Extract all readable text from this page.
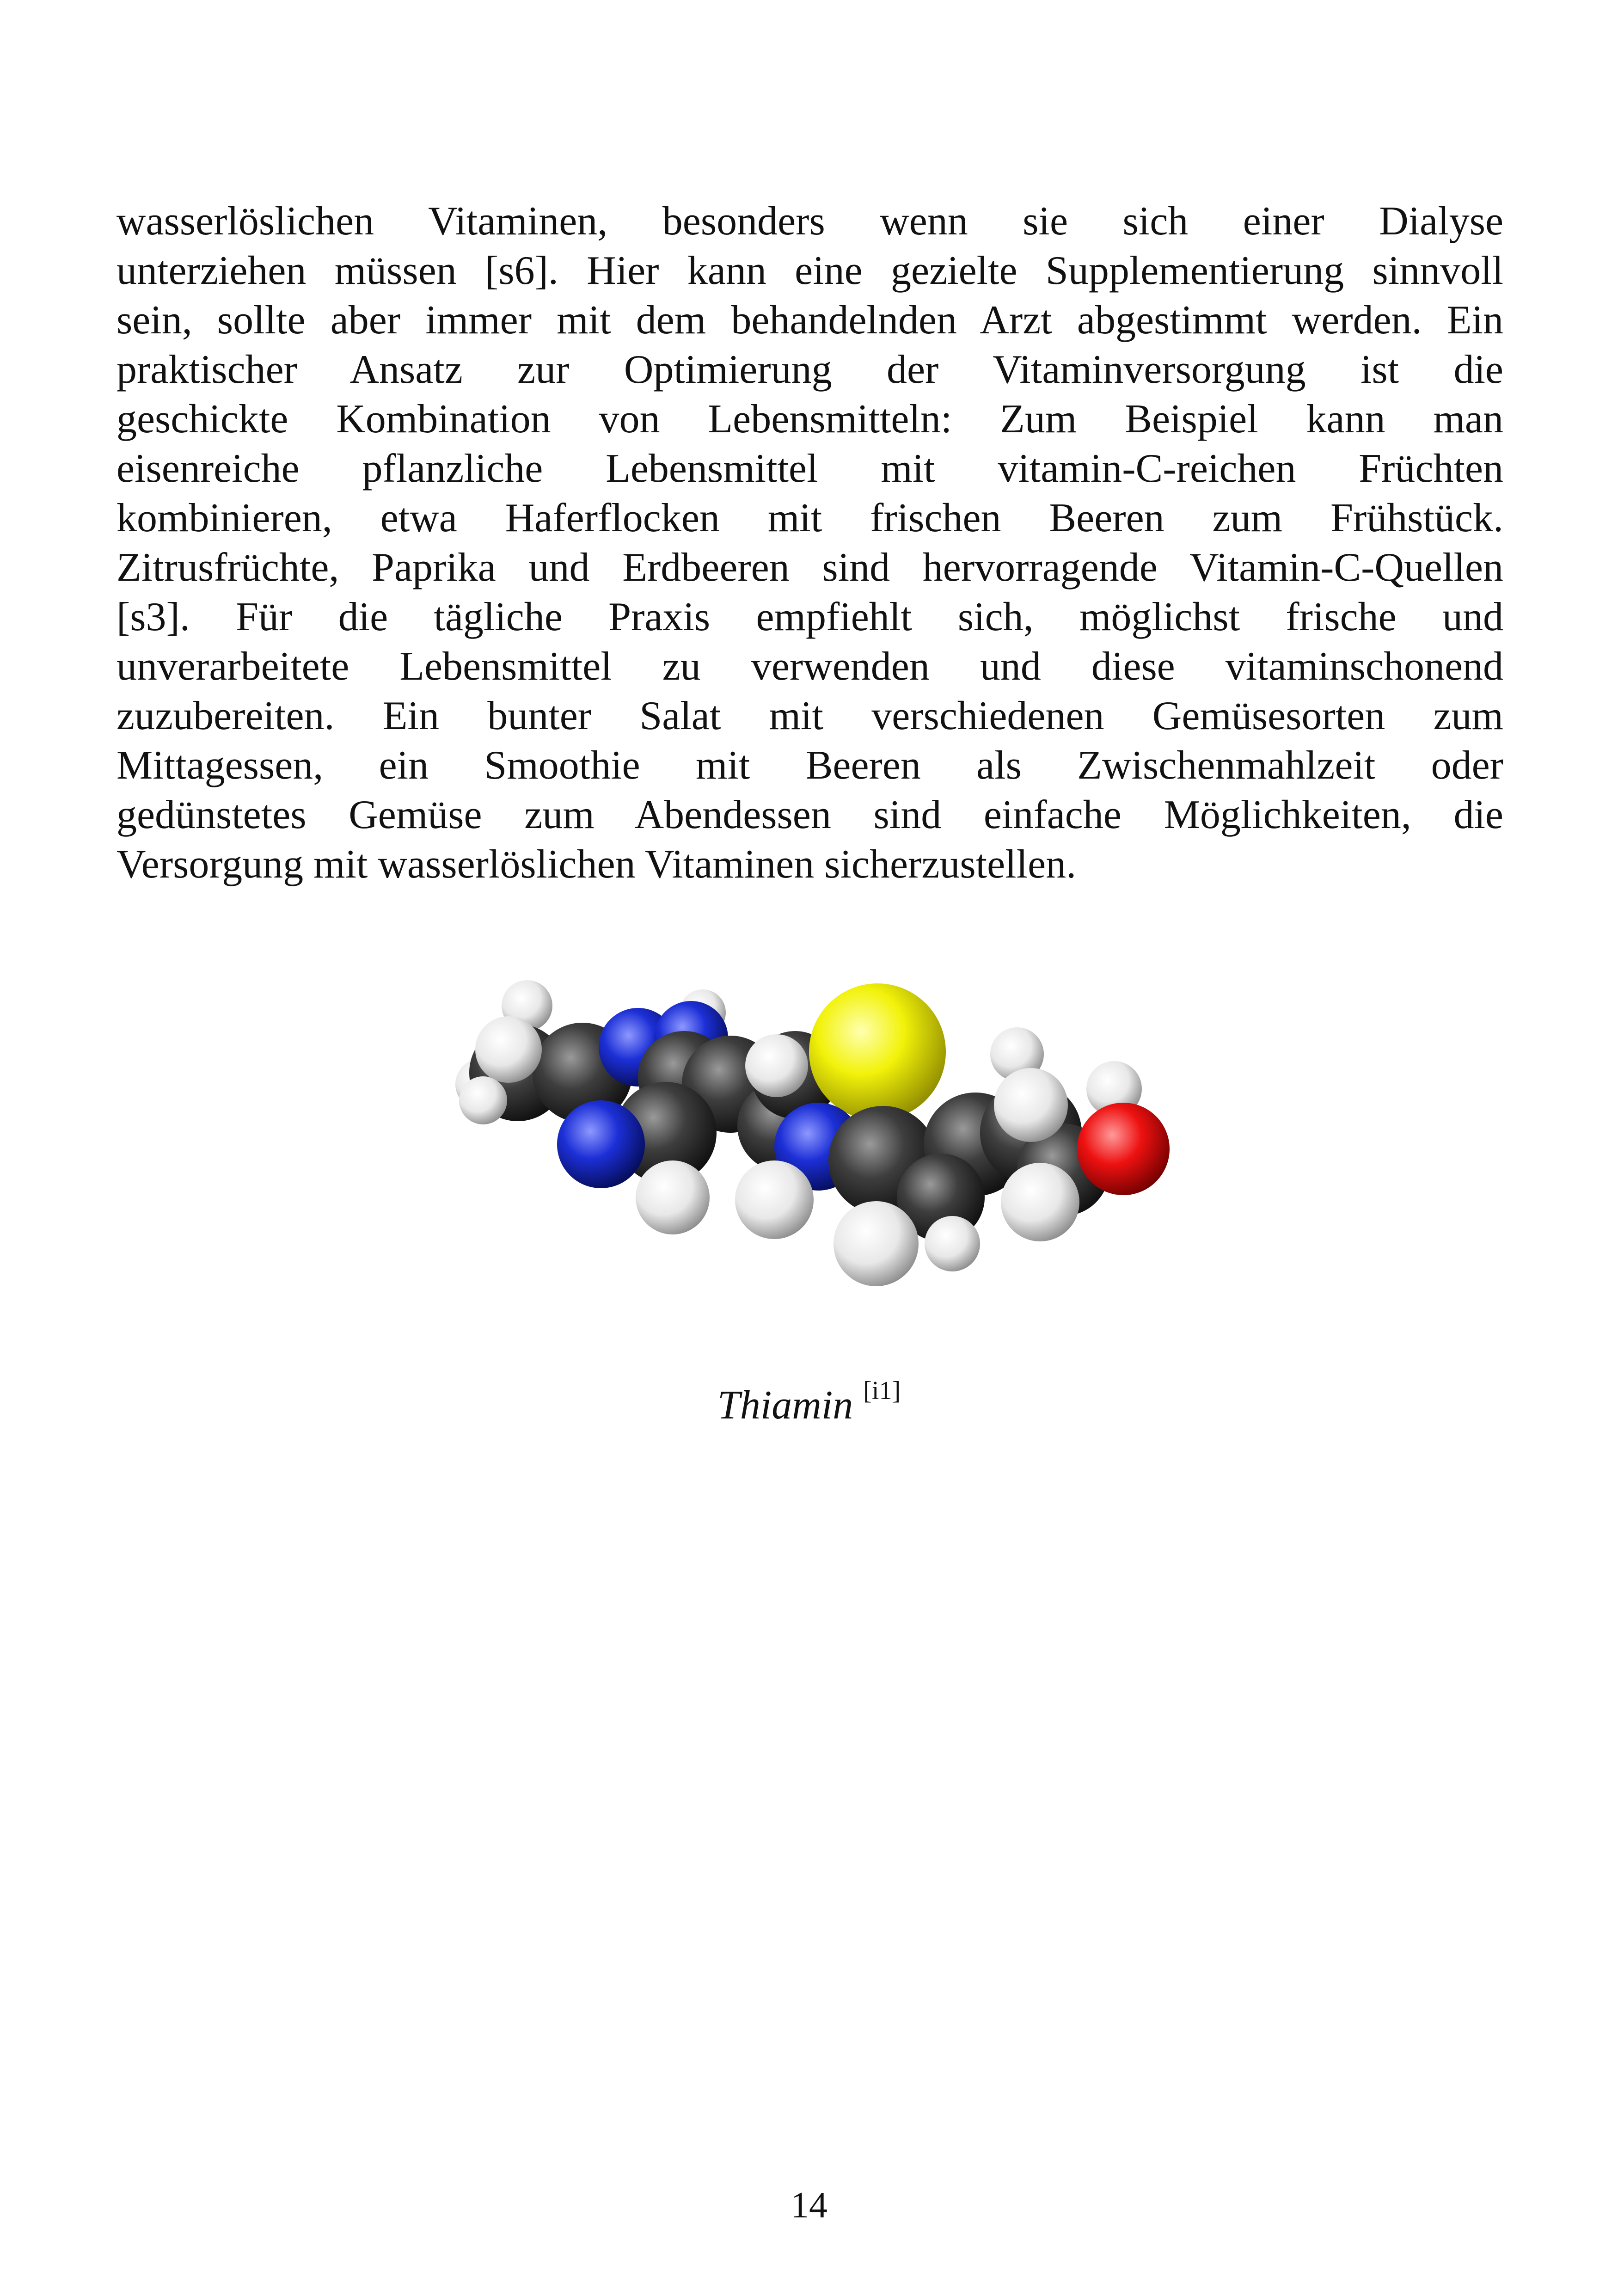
wasserlöslichen Vitaminen, besonders wenn sie sich einer Dialyse
unterziehen müssen [s6]. Hier kann eine gezielte Supplementierung sinnvoll
sein, sollte aber immer mit dem behandelnden Arzt abgestimmt werden. Ein
praktischer Ansatz zur Optimierung der Vitaminversorgung ist die
geschickte Kombination von Lebensmitteln: Zum Beispiel kann man
eisenreiche pflanzliche Lebensmittel mit vitamin-C-reichen Früchten
kombinieren, etwa Haferflocken mit frischen Beeren zum Frühstück.
Zitrusfrüchte, Paprika und Erdbeeren sind hervorragende Vitamin-C-Quellen
[s3]. Für die tägliche Praxis empfiehlt sich, möglichst frische und
unverarbeitete Lebensmittel zu verwenden und diese vitaminschonend
zuzubereiten. Ein bunter Salat mit verschiedenen Gemüsesorten zum
Mittagessen, ein Smoothie mit Beeren als Zwischenmahlzeit oder
gedünstetes Gemüse zum Abendessen sind einfache Möglichkeiten, die
Versorgung mit wasserlöslichen Vitaminen sicherzustellen.
Thiamin [i1]
14
